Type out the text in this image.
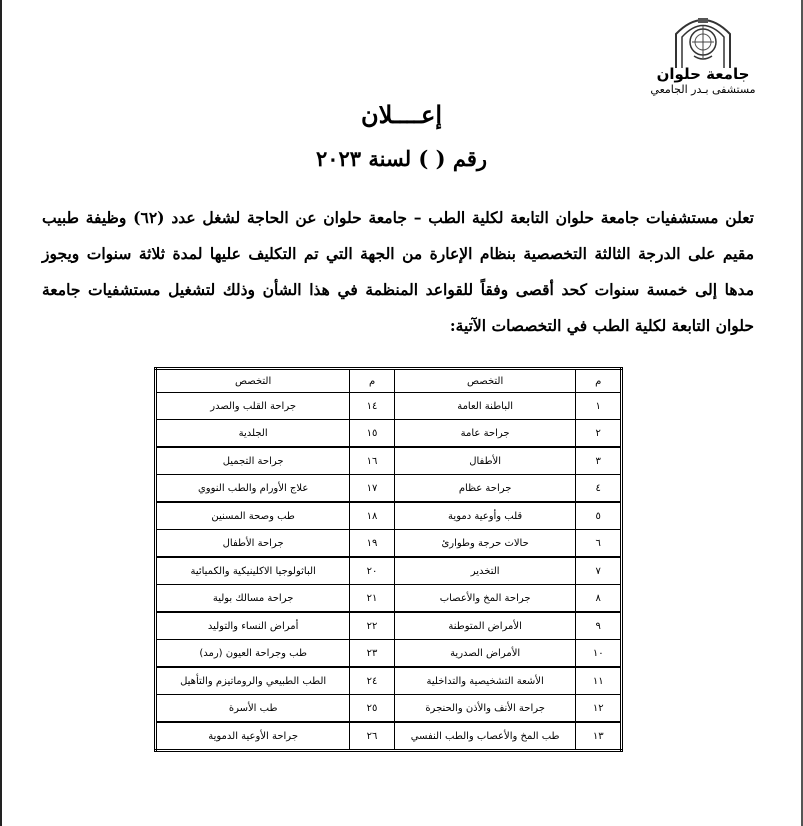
جامعة حلوان
مستشفى بـدر الجامعي
إعــــلان
رقم ( ) لسنة ٢٠٢٣
تعلن مستشفيات جامعة حلوان التابعة لكلية الطب – جامعة حلوان عن الحاجة لشغل عدد (٦٢) وظيفة طبيب مقيم على الدرجة الثالثة التخصصية بنظام الإعارة من الجهة التي تم التكليف عليها لمدة ثلاثة سنوات ويجوز مدها إلى خمسة سنوات كحد أقصى وفقاً للقواعد المنظمة في هذا الشأن وذلك لتشغيل مستشفيات جامعة حلوان التابعة لكلية الطب في التخصصات الآتية:
م	التخصص	م	التخصص
١	الباطنة العامة	١٤	جراحة القلب والصدر
٢	جراحة عامة	١٥	الجلدية
٣	الأطفال	١٦	جراحة التجميل
٤	جراحة عظام	١٧	علاج الأورام والطب النووي
٥	قلب وأوعية دموية	١٨	طب وصحة المسنين
٦	حالات حرجة وطوارئ	١٩	جراحة الأطفال
٧	التخدير	٢٠	الباثولوجيا الاكلينيكية والكميائية
٨	جراحة المخ والأعصاب	٢١	جراحة مسالك بولية
٩	الأمراض المتوطنة	٢٢	أمراض النساء والتوليد
١٠	الأمراض الصدرية	٢٣	طب وجراحة العيون (رمد)
١١	الأشعة التشخيصية والتداخلية	٢٤	الطب الطبيعي والروماتيزم والتأهيل
١٢	جراحة الأنف والأذن والحنجرة	٢٥	طب الأسرة
١٣	طب المخ والأعصاب والطب النفسي	٢٦	جراحة الأوعية الدموية
